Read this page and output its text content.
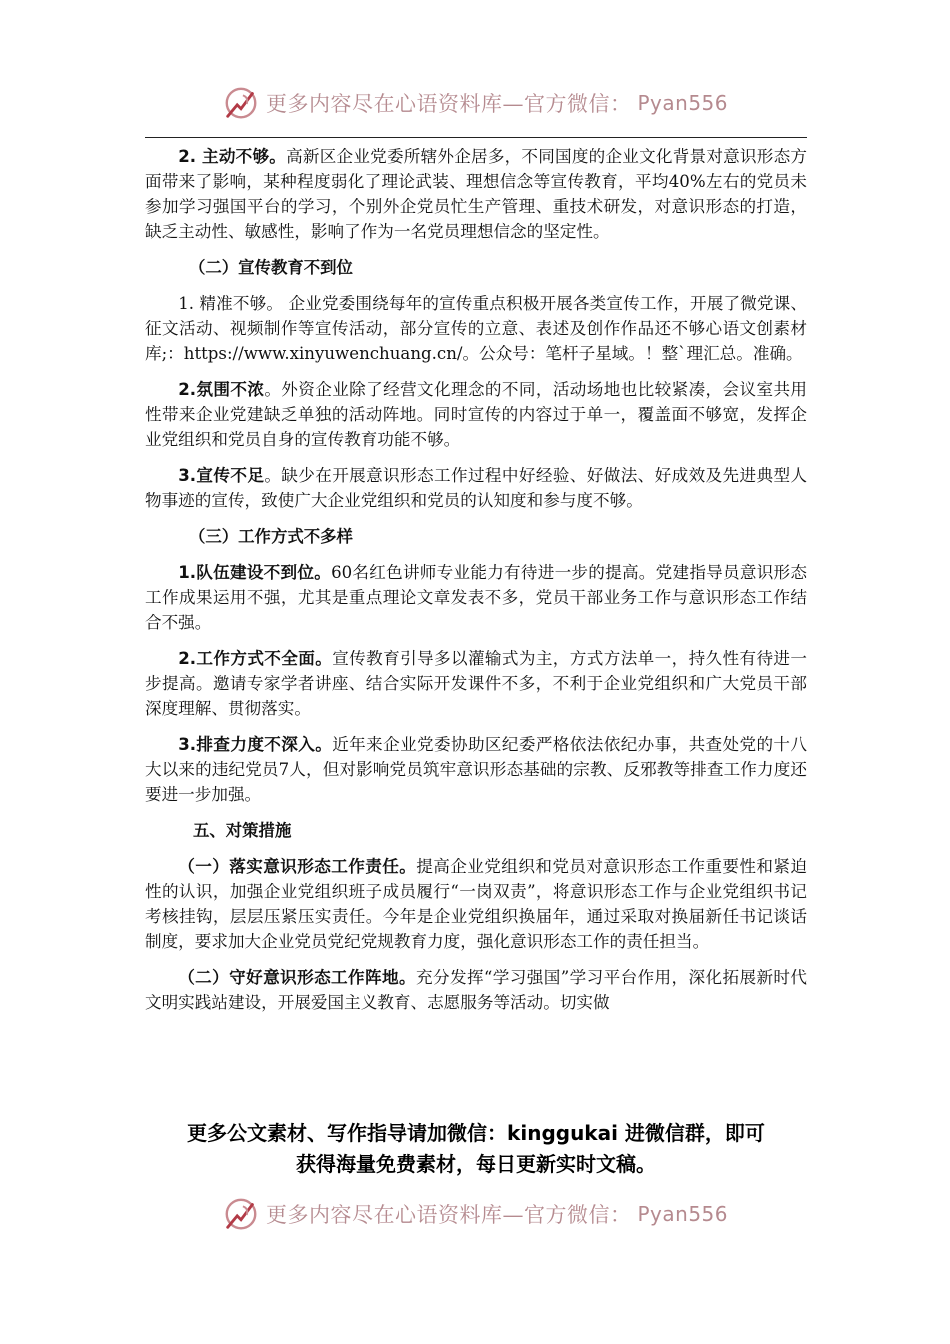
更多内容尽在心语资料库—官方微信： Pyan556

2. 主动不够。高新区企业党委所辖外企居多，不同国度的企业文化背景对意识形态方面带来了影响，某种程度弱化了理论武装、理想信念等宣传教育，平均40%左右的党员未参加学习强国平台的学习，个别外企党员忙生产管理、重技术研发，对意识形态的打造，缺乏主动性、敏感性，影响了作为一名党员理想信念的坚定性。

（二）宣传教育不到位

1. 精准不够。 企业党委围绕每年的宣传重点积极开展各类宣传工作，开展了微党课、征文活动、视频制作等宣传活动，部分宣传的立意、表述及创作作品还不够心语文创素材库;：https://www.xinyuwenchuang.cn/。公众号：笔杆子星域。！整`理汇总。准确。

2.氛围不浓。外资企业除了经营文化理念的不同，活动场地也比较紧凑，会议室共用性带来企业党建缺乏单独的活动阵地。同时宣传的内容过于单一，覆盖面不够宽，发挥企业党组织和党员自身的宣传教育功能不够。

3.宣传不足。缺少在开展意识形态工作过程中好经验、好做法、好成效及先进典型人物事迹的宣传，致使广大企业党组织和党员的认知度和参与度不够。

（三）工作方式不多样

1.队伍建设不到位。60名红色讲师专业能力有待进一步的提高。党建指导员意识形态工作成果运用不强，尤其是重点理论文章发表不多，党员干部业务工作与意识形态工作结合不强。

2.工作方式不全面。宣传教育引导多以灌输式为主，方式方法单一，持久性有待进一步提高。邀请专家学者讲座、结合实际开发课件不多，不利于企业党组织和广大党员干部深度理解、贯彻落实。

3.排查力度不深入。近年来企业党委协助区纪委严格依法依纪办事，共查处党的十八大以来的违纪党员7人，但对影响党员筑牢意识形态基础的宗教、反邪教等排查工作力度还要进一步加强。

五、对策措施

（一）落实意识形态工作责任。提高企业党组织和党员对意识形态工作重要性和紧迫性的认识，加强企业党组织班子成员履行“一岗双责”，将意识形态工作与企业党组织书记考核挂钩，层层压紧压实责任。今年是企业党组织换届年，通过采取对换届新任书记谈话制度，要求加大企业党员党纪党规教育力度，强化意识形态工作的责任担当。

（二）守好意识形态工作阵地。充分发挥“学习强国”学习平台作用，深化拓展新时代文明实践站建设，开展爱国主义教育、志愿服务等活动。切实做

更多公文素材、写作指导请加微信：kinggukai 进微信群，即可
获得海量免费素材，每日更新实时文稿。
更多内容尽在心语资料库—官方微信： Pyan556
